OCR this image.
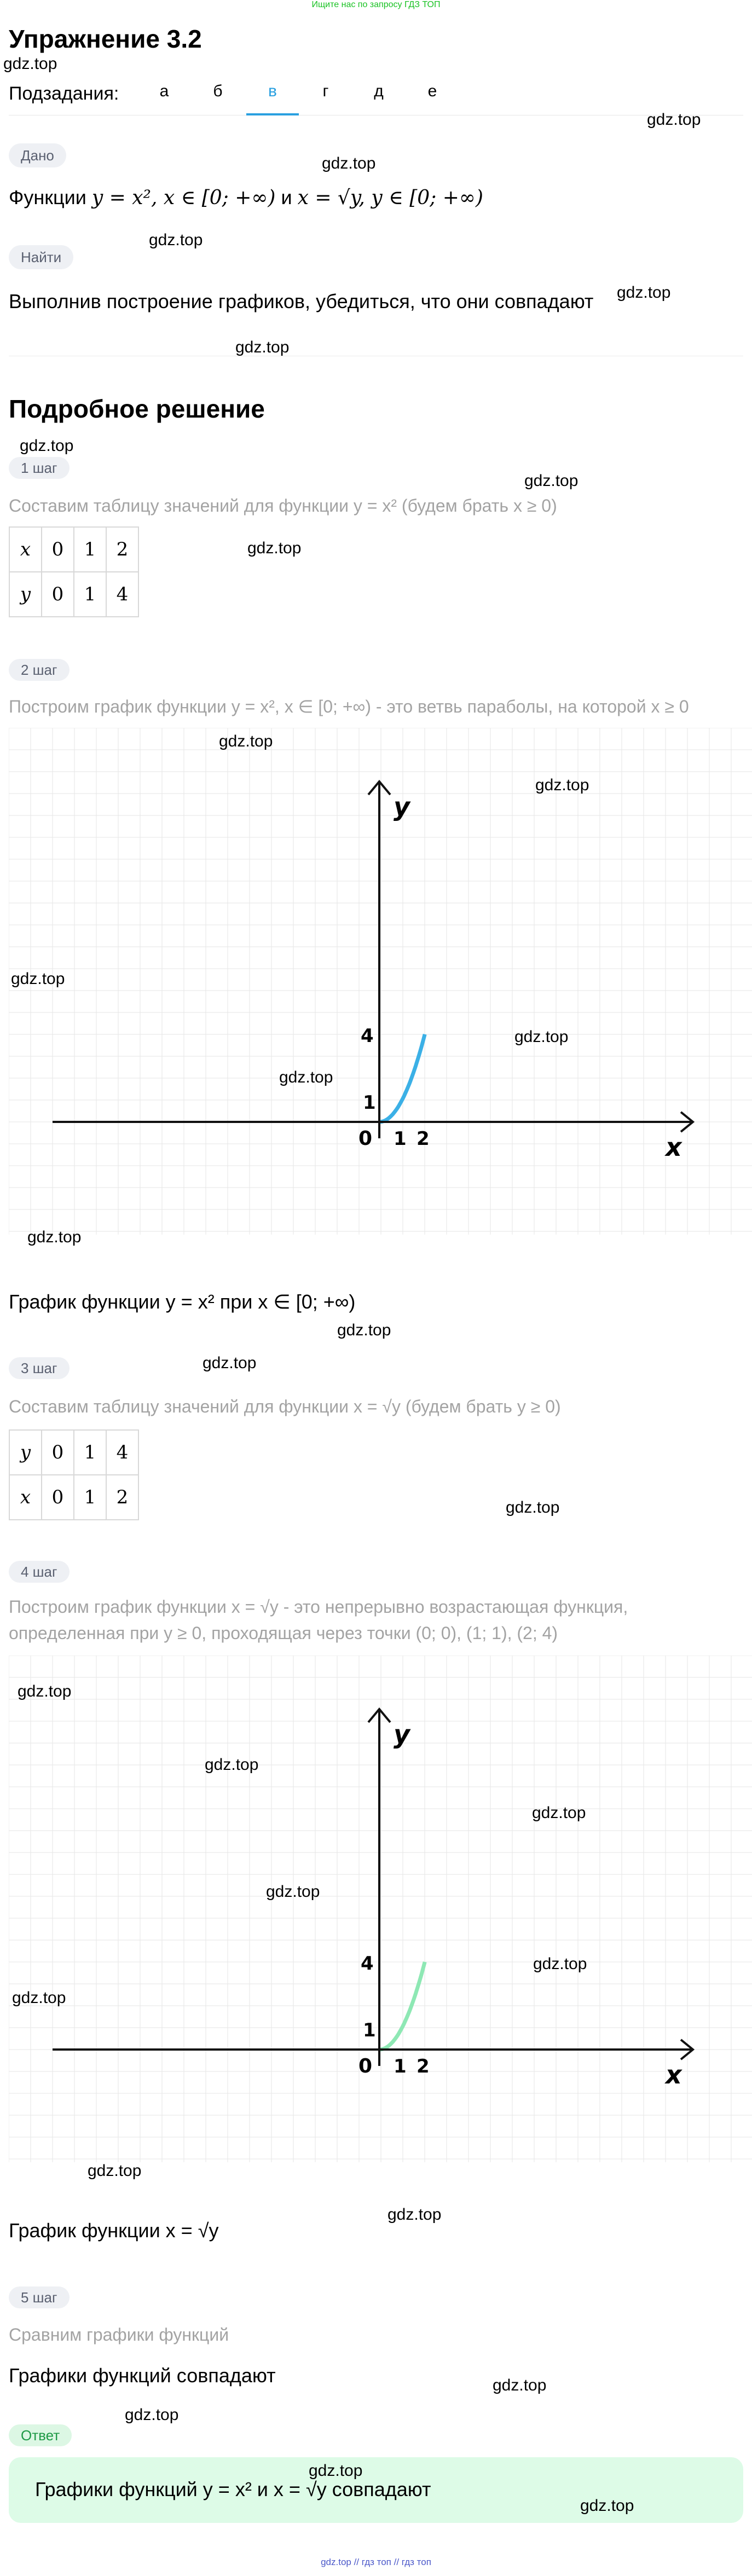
Ищите нас по запросу ГДЗ ТОП
Упражнение 3.2
Подзадания:	а	б	в	г	д	е
Дано
Функции y = x², x ∈ [0; +∞) и x = √y, y ∈ [0; +∞)
Найти
Выполнив построение графиков, убедиться, что они совпадают
Подробное решение
1 шаг
Составим таблицу значений для функции y = x² (будем брать x ≥ 0)
x	0	1	2
y	0	1	4
2 шаг
Построим график функции y = x², x ∈ [0; +∞) - это ветвь параболы, на которой x ≥ 0
x
y
0 1 2
1
4
График функции y = x² при x ∈ [0; +∞)
3 шаг
Составим таблицу значений для функции x = √y (будем брать y ≥ 0)
y	0	1	4
x	0	1	2
4 шаг
Построим график функции x = √y - это непрерывно возрастающая функция,
определенная при y ≥ 0, проходящая через точки (0; 0), (1; 1), (2; 4)
x
y
0 1 2
1
4
График функции x = √y
5 шаг
Сравним графики функций
Графики функций совпадают
Ответ
Графики функций y = x² и x = √y совпадают
gdz.top // гдз топ // гдз топ
gdz.top
gdz.top
gdz.top
gdz.top
gdz.top
gdz.top
gdz.top
gdz.top
gdz.top
gdz.top
gdz.top
gdz.top
gdz.top
gdz.top
gdz.top
gdz.top
gdz.top
gdz.top
gdz.top
gdz.top
gdz.top
gdz.top
gdz.top
gdz.top
gdz.top
gdz.top
gdz.top
gdz.top
gdz.top
gdz.top
